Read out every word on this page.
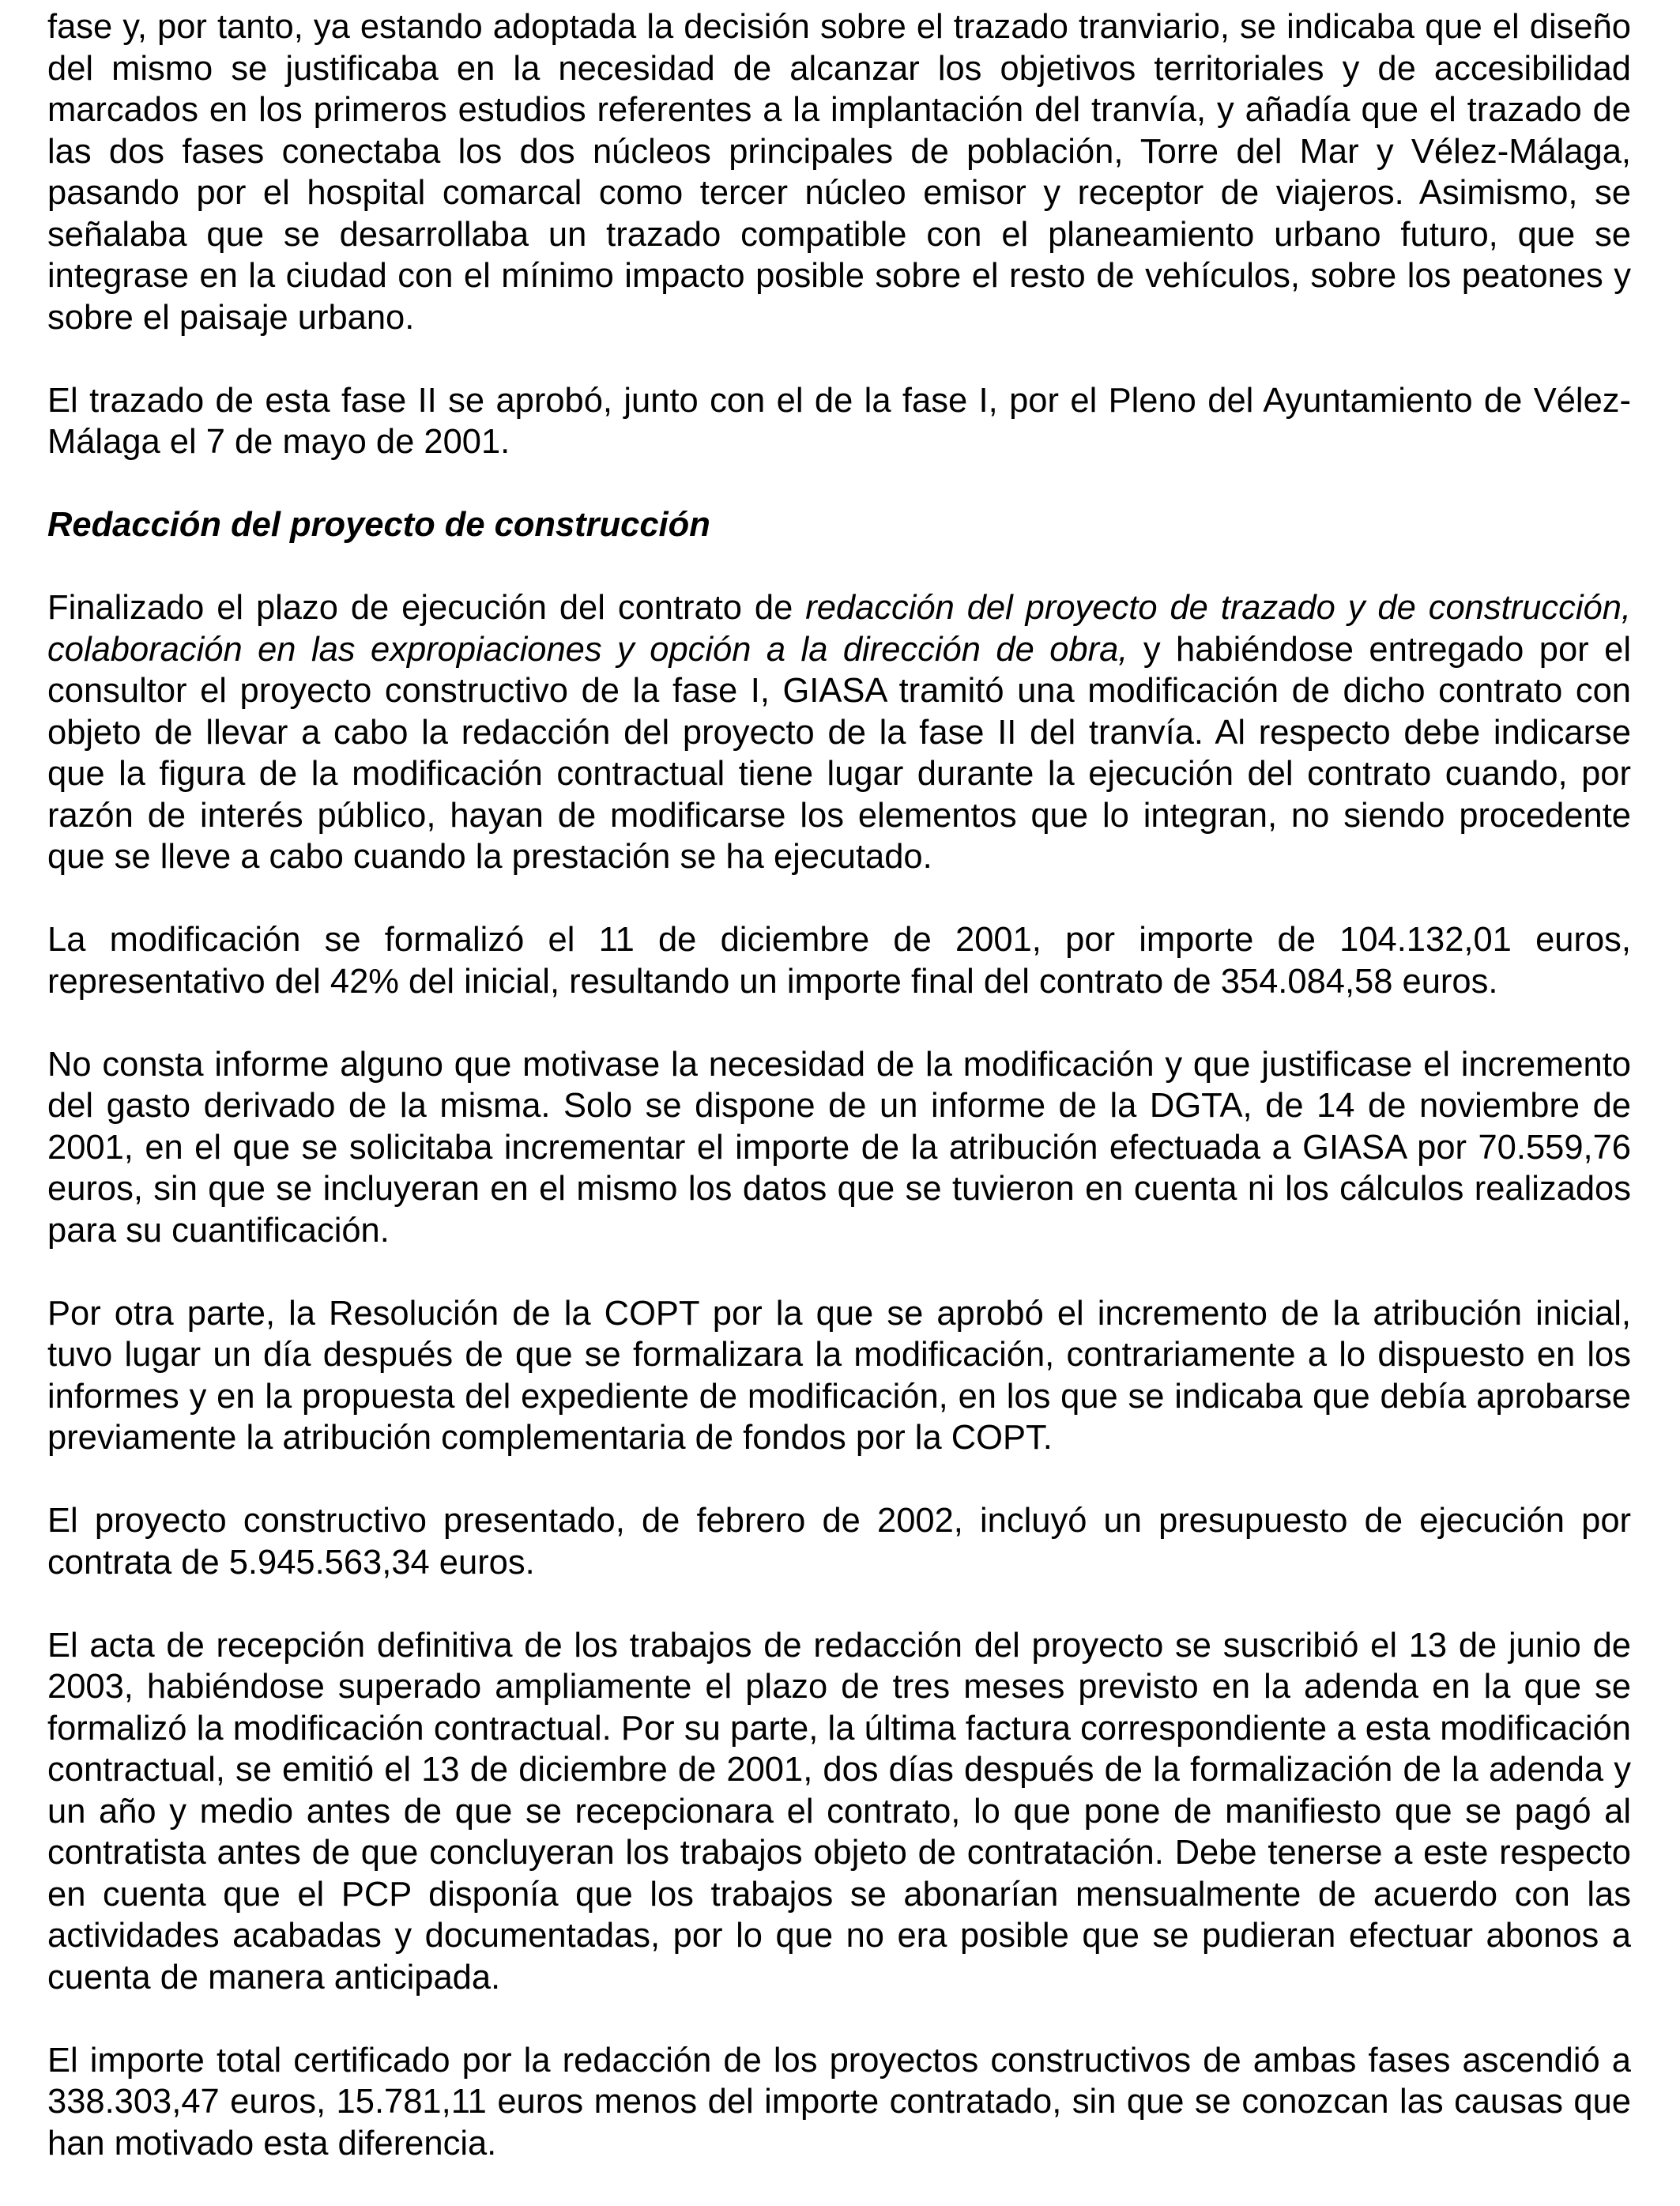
fase y, por tanto, ya estando adoptada la decisión sobre el trazado tranviario, se indicaba que el diseño del mismo se justificaba en la necesidad de alcanzar los objetivos territoriales y de accesibilidad marcados en los primeros estudios referentes a la implantación del tranvía, y añadía que el trazado de las dos fases conectaba los dos núcleos principales de población, Torre del Mar y Vélez-Málaga, pasando por el hospital comarcal como tercer núcleo emisor y receptor de viajeros. Asimismo, se señalaba que se desarrollaba un trazado compatible con el planeamiento urbano futuro, que se integrase en la ciudad con el mínimo impacto posible sobre el resto de vehículos, sobre los peatones y sobre el paisaje urbano.

El trazado de esta fase II se aprobó, junto con el de la fase I, por el Pleno del Ayuntamiento de Vélez-Málaga el 7 de mayo de 2001.

Redacción del proyecto de construcción

Finalizado el plazo de ejecución del contrato de redacción del proyecto de trazado y de construcción, colaboración en las expropiaciones y opción a la dirección de obra, y habiéndose entregado por el consultor el proyecto constructivo de la fase I, GIASA tramitó una modificación de dicho contrato con objeto de llevar a cabo la redacción del proyecto de la fase II del tranvía. Al respecto debe indicarse que la figura de la modificación contractual tiene lugar durante la ejecución del contrato cuando, por razón de interés público, hayan de modificarse los elementos que lo integran, no siendo procedente que se lleve a cabo cuando la prestación se ha ejecutado.

La modificación se formalizó el 11 de diciembre de 2001, por importe de 104.132,01 euros, representativo del 42% del inicial, resultando un importe final del contrato de 354.084,58 euros.

No consta informe alguno que motivase la necesidad de la modificación y que justificase el incremento del gasto derivado de la misma. Solo se dispone de un informe de la DGTA, de 14 de noviembre de 2001, en el que se solicitaba incrementar el importe de la atribución efectuada a GIASA por 70.559,76 euros, sin que se incluyeran en el mismo los datos que se tuvieron en cuenta ni los cálculos realizados para su cuantificación.

Por otra parte, la Resolución de la COPT por la que se aprobó el incremento de la atribución inicial, tuvo lugar un día después de que se formalizara la modificación, contrariamente a lo dispuesto en los informes y en la propuesta del expediente de modificación, en los que se indicaba que debía aprobarse previamente la atribución complementaria de fondos por la COPT.

El proyecto constructivo presentado, de febrero de 2002, incluyó un presupuesto de ejecución por contrata de 5.945.563,34 euros.

El acta de recepción definitiva de los trabajos de redacción del proyecto se suscribió el 13 de junio de 2003, habiéndose superado ampliamente el plazo de tres meses previsto en la adenda en la que se formalizó la modificación contractual. Por su parte, la última factura correspondiente a esta modificación contractual, se emitió el 13 de diciembre de 2001, dos días después de la formalización de la adenda y un año y medio antes de que se recepcionara el contrato, lo que pone de manifiesto que se pagó al contratista antes de que concluyeran los trabajos objeto de contratación. Debe tenerse a este respecto en cuenta que el PCP disponía que los trabajos se abonarían mensualmente de acuerdo con las actividades acabadas y documentadas, por lo que no era posible que se pudieran efectuar abonos a cuenta de manera anticipada.

El importe total certificado por la redacción de los proyectos constructivos de ambas fases ascendió a 338.303,47 euros, 15.781,11 euros menos del importe contratado, sin que se conozcan las causas que han motivado esta diferencia.
